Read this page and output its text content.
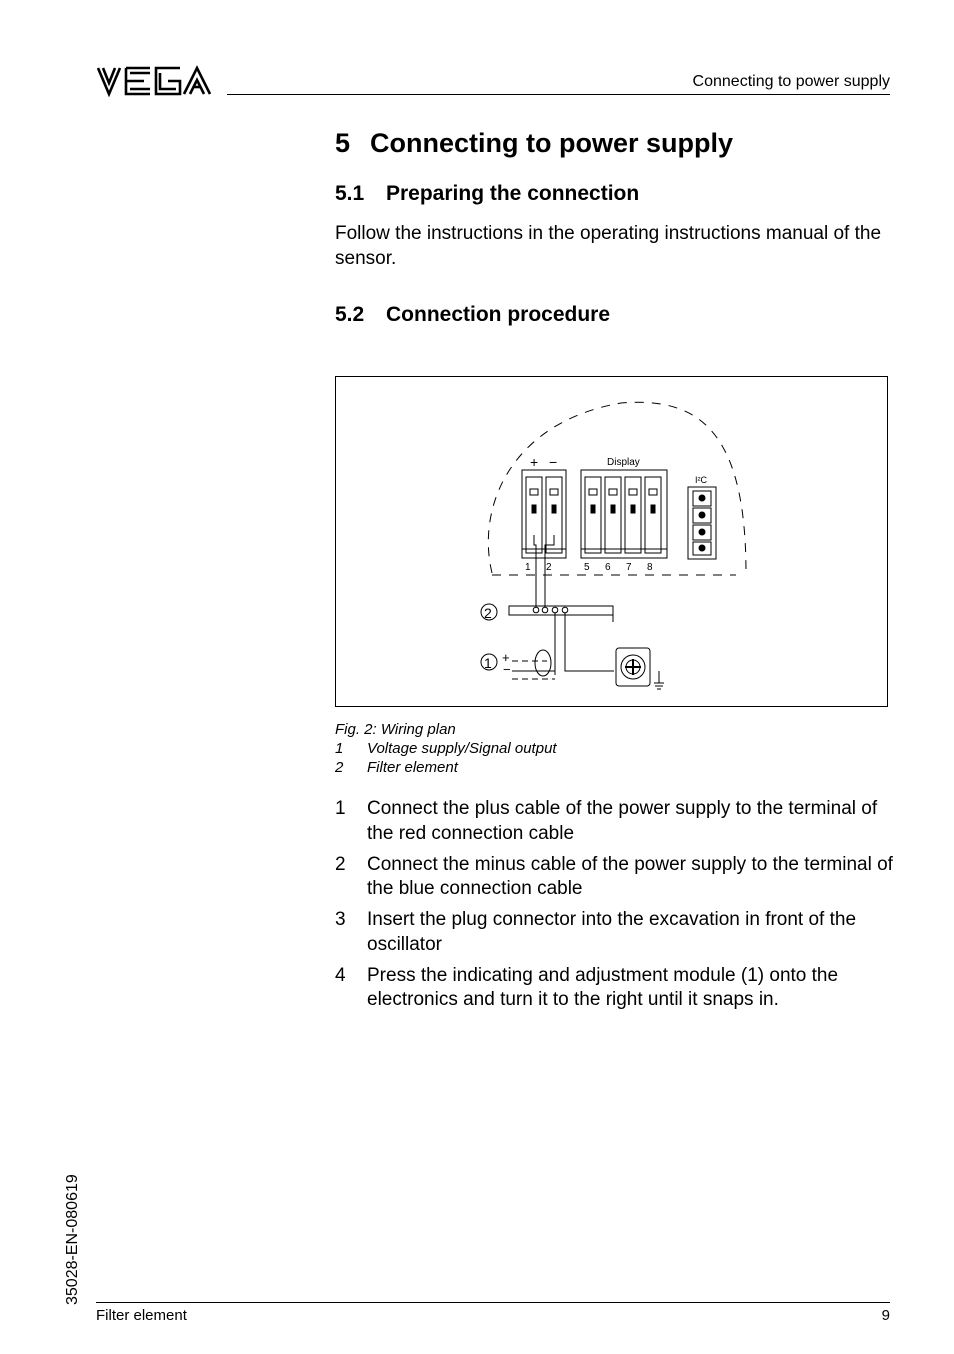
VEGA
Connecting to power supply
5 Connecting to power supply
5.1 Preparing the connection

Follow the instructions in the operating instructions manual of the sensor.

5.2 Connection procedure
+ −	Display
I²C
1 2	5 6 7 8
2
1 +
−
Fig. 2: Wiring plan
1 Voltage supply/Signal output
2 Filter element
1	Connect the plus cable of the power supply to the terminal of the red connection cable
2	Connect the minus cable of the power supply to the terminal of the blue connection cable
3	Insert the plug connector into the excavation in front of the oscillator
4	Press the indicating and adjustment module (1) onto the electronics and turn it to the right until it snaps in.
35028-EN-080619
Filter element	9
